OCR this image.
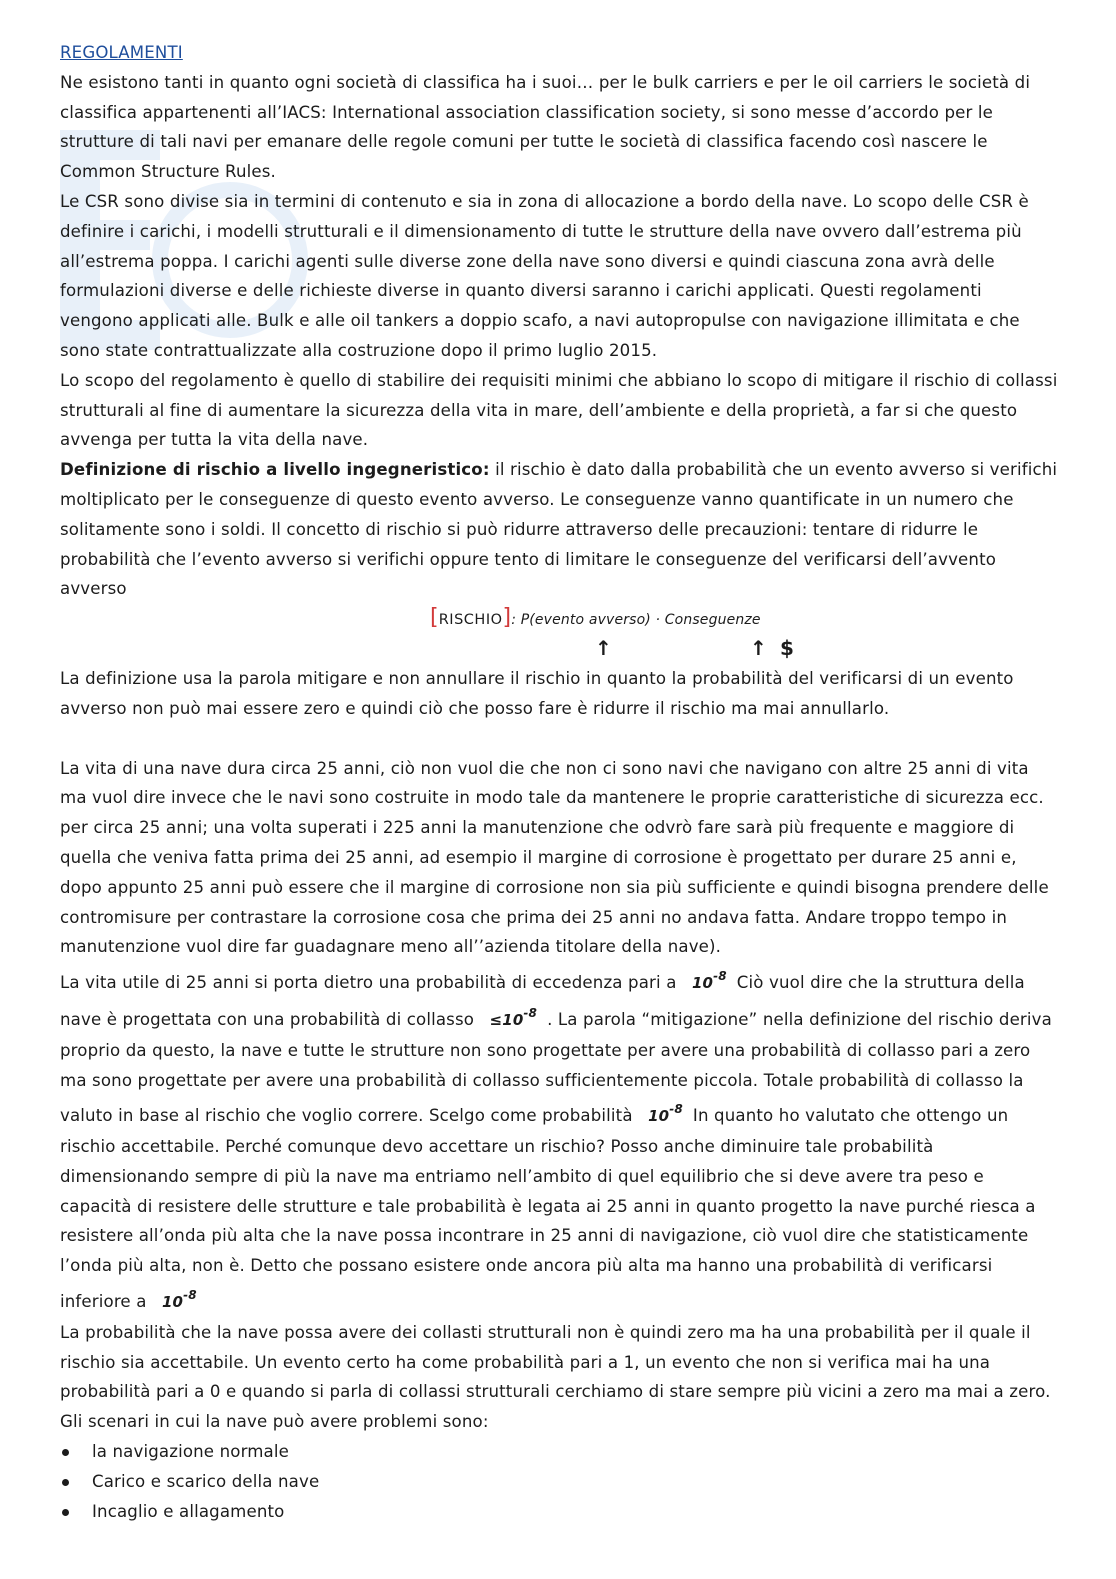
REGOLAMENTI

Ne esistono tanti in quanto ogni società di classifica ha i suoi… per le bulk carriers e per le oil carriers le società di classifica appartenenti all’IACS: International association classification society, si sono messe d’accordo per le strutture di tali navi per emanare delle regole comuni per tutte le società di classifica facendo così nascere le Common Structure Rules.

Le CSR sono divise sia in termini di contenuto e sia in zona di allocazione a bordo della nave. Lo scopo delle CSR è definire i carichi, i modelli strutturali e il dimensionamento di tutte le strutture della nave ovvero dall’estrema più all’estrema poppa. I carichi agenti sulle diverse zone della nave sono diversi e quindi ciascuna zona avrà delle formulazioni diverse e delle richieste diverse in quanto diversi saranno i carichi applicati. Questi regolamenti vengono applicati alle. Bulk e alle oil tankers a doppio scafo, a navi autopropulse con navigazione illimitata e che sono state contrattualizzate alla costruzione dopo il primo luglio 2015.

Lo scopo del regolamento è quello di stabilire dei requisiti minimi che abbiano lo scopo di mitigare il rischio di collassi strutturali al fine di aumentare la sicurezza della vita in mare, dell’ambiente e della proprietà, a far si che questo avvenga per tutta la vita della nave.

Definizione di rischio a livello ingegneristico: il rischio è dato dalla probabilità che un evento avverso si verifichi moltiplicato per le conseguenze di questo evento avverso. Le conseguenze vanno quantificate in un numero che solitamente sono i soldi. Il concetto di rischio si può ridurre attraverso delle precauzioni: tentare di ridurre le probabilità che l’evento avverso si verifichi oppure tento di limitare le conseguenze del verificarsi dell’avvento avverso

[RISCHIO]: P(evento avverso) · Conseguenze
↑	↑ $

La definizione usa la parola mitigare e non annullare il rischio in quanto la probabilità del verificarsi di un evento avverso non può mai essere zero e quindi ciò che posso fare è ridurre il rischio ma mai annullarlo.

La vita di una nave dura circa 25 anni, ciò non vuol die che non ci sono navi che navigano con altre 25 anni di vita ma vuol dire invece che le navi sono costruite in modo tale da mantenere le proprie caratteristiche di sicurezza ecc. per circa 25 anni; una volta superati i 225 anni la manutenzione che odvrò fare sarà più frequente e maggiore di quella che veniva fatta prima dei 25 anni, ad esempio il margine di corrosione è progettato per durare 25 anni e, dopo appunto 25 anni può essere che il margine di corrosione non sia più sufficiente e quindi bisogna prendere delle contromisure per contrastare la corrosione cosa che prima dei 25 anni no andava fatta. Andare troppo tempo in manutenzione vuol dire far guadagnare meno all’’azienda titolare della nave).

La vita utile di 25 anni si porta dietro una probabilità di eccedenza pari a $10^{-8}$ Ciò vuol dire che la struttura della nave è progettata con una probabilità di collasso $\le 10^{-8}$ . La parola “mitigazione” nella definizione del rischio deriva proprio da questo, la nave e tutte le strutture non sono progettate per avere una probabilità di collasso pari a zero ma sono progettate per avere una probabilità di collasso sufficientemente piccola. Totale probabilità di collasso la valuto in base al rischio che voglio correre. Scelgo come probabilità $10^{-8}$ In quanto ho valutato che ottengo un rischio accettabile. Perché comunque devo accettare un rischio? Posso anche diminuire tale probabilità dimensionando sempre di più la nave ma entriamo nell’ambito di quel equilibrio che si deve avere tra peso e capacità di resistere delle strutture e tale probabilità è legata ai 25 anni in quanto progetto la nave purché riesca a resistere all’onda più alta che la nave possa incontrare in 25 anni di navigazione, ciò vuol dire che statisticamente l’onda più alta, non è. Detto che possano esistere onde ancora più alta ma hanno una probabilità di verificarsi inferiore a $10^{-8}$

La probabilità che la nave possa avere dei collasti strutturali non è quindi zero ma ha una probabilità per il quale il rischio sia accettabile. Un evento certo ha come probabilità pari a 1, un evento che non si verifica mai ha una probabilità pari a 0 e quando si parla di collassi strutturali cerchiamo di stare sempre più vicini a zero ma mai a zero. Gli scenari in cui la nave può avere problemi sono:

la navigazione normale
Carico e scarico della nave
Incaglio e allagamento
